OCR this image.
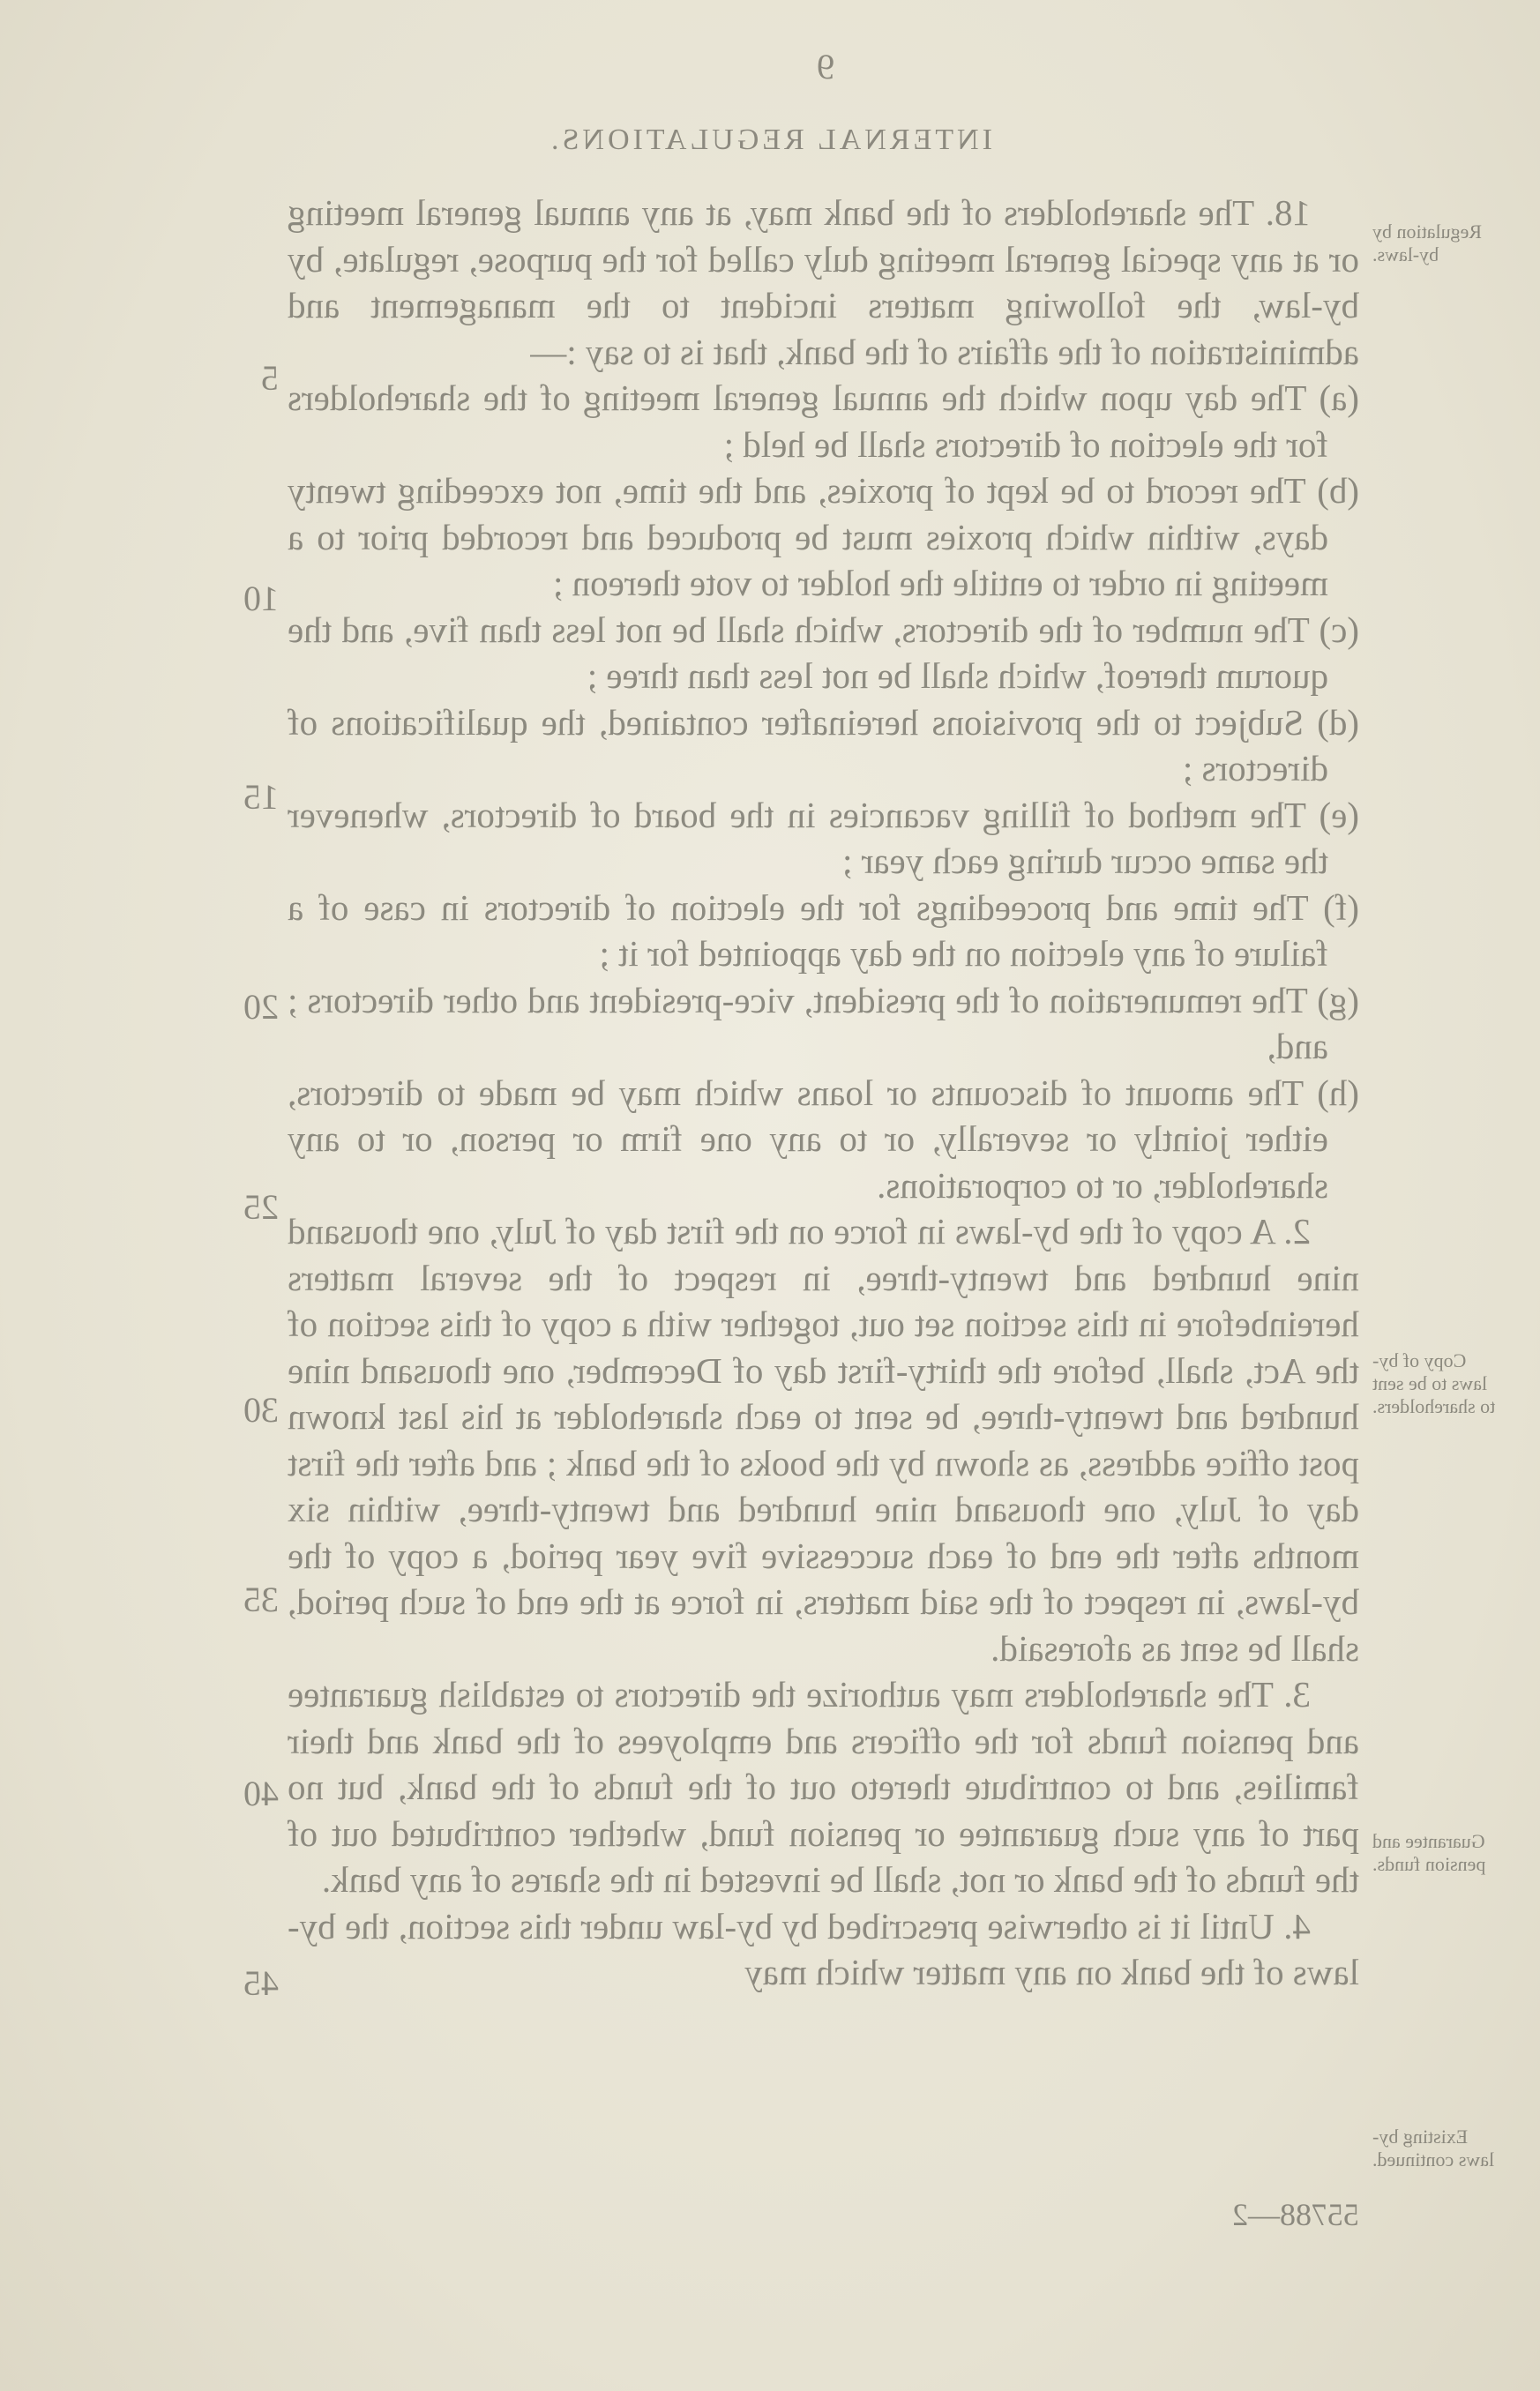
9
INTERNAL REGULATIONS.
Regulation by by-laws.
Copy of by-laws to be sent to shareholders.
Guarantee and pension funds.
Existing by-laws continued.

18. The shareholders of the bank may, at any annual general meeting or at any special general meeting duly called for the purpose, regulate, by by-law, the following matters incident to the management and administration of the affairs of the bank, that is to say :—

(a) The day upon which the annual general meeting of the shareholders for the election of directors shall be held ;

(b) The record to be kept of proxies, and the time, not exceeding twenty days, within which proxies must be produced and recorded prior to a meeting in order to entitle the holder to vote thereon ;

(c) The number of the directors, which shall be not less than five, and the quorum thereof, which shall be not less than three ;

(d) Subject to the provisions hereinafter contained, the qualifications of directors ;

(e) The method of filling vacancies in the board of directors, whenever the same occur during each year ;

(f) The time and proceedings for the election of directors in case of a failure of any election on the day appointed for it ;

(g) The remuneration of the president, vice-president and other directors ; and,

(h) The amount of discounts or loans which may be made to directors, either jointly or severally, or to any one firm or person, or to any shareholder, or to corporations.

2. A copy of the by-laws in force on the first day of July, one thousand nine hundred and twenty-three, in respect of the several matters hereinbefore in this section set out, together with a copy of this section of the Act, shall, before the thirty-first day of December, one thousand nine hundred and twenty-three, be sent to each shareholder at his last known post office address, as shown by the books of the bank ; and after the first day of July, one thousand nine hundred and twenty-three, within six months after the end of each successive five year period, a copy of the by-laws, in respect of the said matters, in force at the end of such period, shall be sent as aforesaid.

3. The shareholders may authorize the directors to establish guarantee and pension funds for the officers and employees of the bank and their families, and to contribute thereto out of the funds of the bank, but no part of any such guarantee or pension fund, whether contributed out of the funds of the bank or not, shall be invested in the shares of any bank.

4. Until it is otherwise prescribed by by-law under this section, the by-laws of the bank on any matter which may

5
10
15
20
25
30
35
40
45
55788—2
